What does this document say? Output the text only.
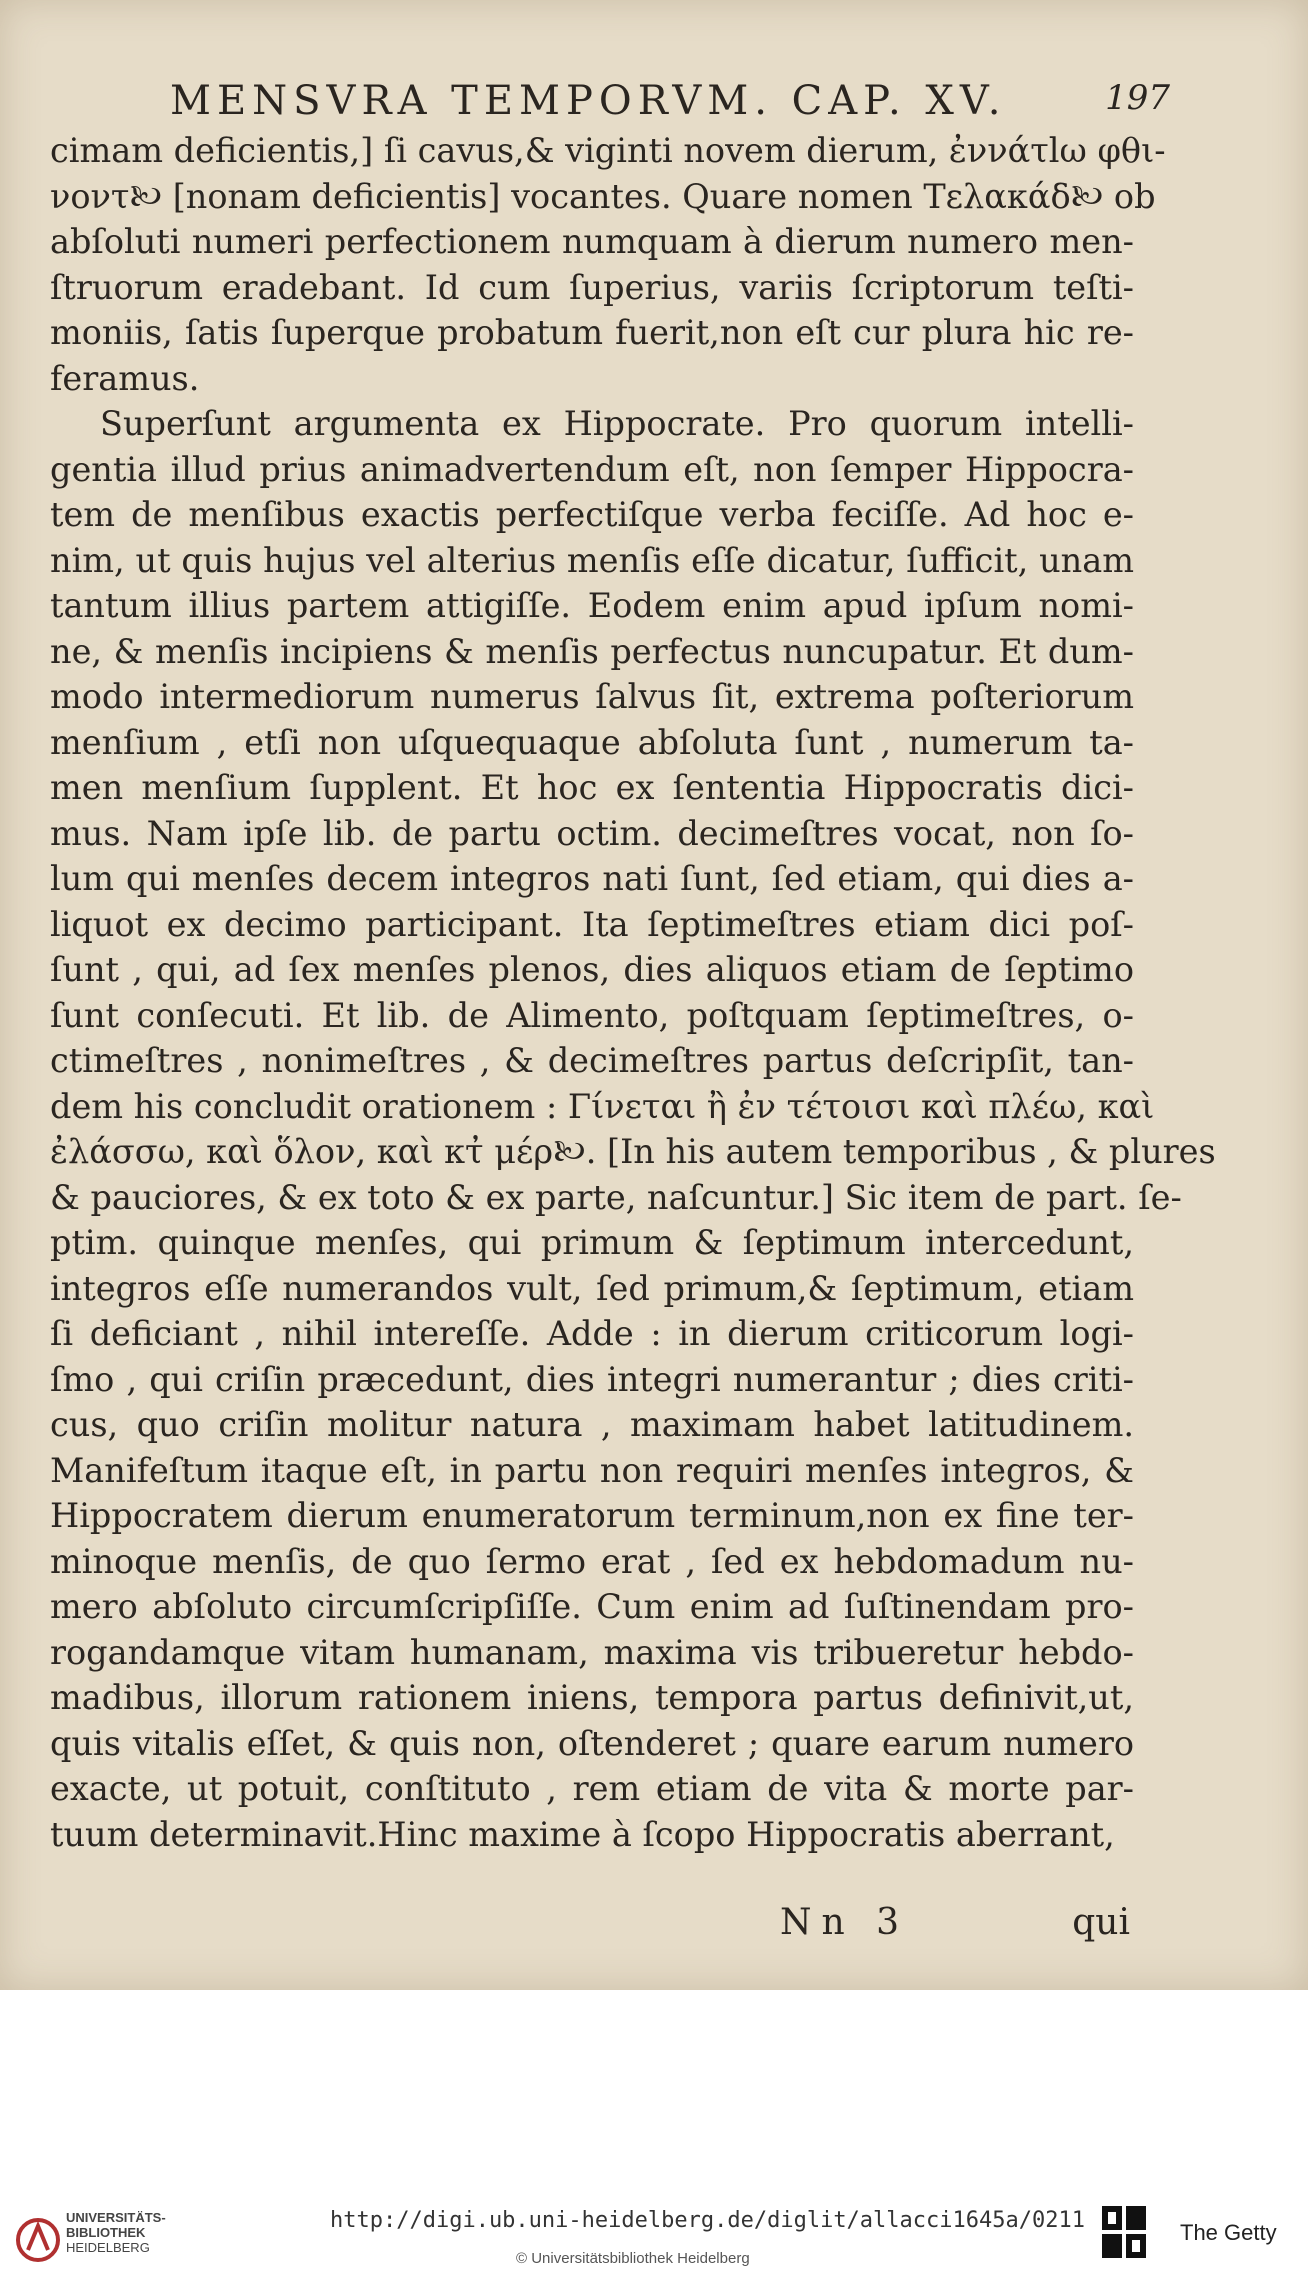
MENSVRA TEMPORVM. CAP. XV.	197
cimam deficientis,] ſi cavus,& viginti novem dierum, ἐννάτlω φθι-
νοντ🙠 [nonam deficientis] vocantes. Quare nomen Τελακάδ🙠 ob
abſoluti numeri perfectionem numquam à dierum numero men-
ſtruorum eradebant. Id cum ſuperius, variis ſcriptorum teſti-
moniis, ſatis ſuperque probatum fuerit,non eſt cur plura hic re-
feramus.
Superſunt argumenta ex Hippocrate. Pro quorum intelli-
gentia illud prius animadvertendum eſt, non ſemper Hippocra-
tem de menſibus exactis perfectiſque verba feciſſe. Ad hoc e-
nim, ut quis hujus vel alterius menſis eſſe dicatur, ſufficit, unam
tantum illius partem attigiſſe. Eodem enim apud ipſum nomi-
ne, & menſis incipiens & menſis perfectus nuncupatur. Et dum-
modo intermediorum numerus ſalvus ſit, extrema poſteriorum
menſium , etſi non uſquequaque abſoluta ſunt , numerum ta-
men menſium ſupplent. Et hoc ex ſententia Hippocratis dici-
mus. Nam ipſe lib. de partu octim. decimeſtres vocat, non ſo-
lum qui menſes decem integros nati ſunt, ſed etiam, qui dies a-
liquot ex decimo participant. Ita ſeptimeſtres etiam dici poſ-
ſunt , qui, ad ſex menſes plenos, dies aliquos etiam de ſeptimo
ſunt conſecuti. Et lib. de Alimento, poſtquam ſeptimeſtres, o-
ctimeſtres , nonimeſtres , & decimeſtres partus deſcripſit, tan-
dem his concludit orationem : Γίνεται ἢ ἐν τέτοισι καὶ πλέω, καὶ
ἐλάσσω, καὶ ὅλον, καὶ κτ̓ μέρ🙠. [In his autem temporibus , & plures
& pauciores, & ex toto & ex parte, naſcuntur.] Sic item de part. ſe-
ptim. quinque menſes, qui primum & ſeptimum intercedunt,
integros eſſe numerandos vult, ſed primum,& ſeptimum, etiam
ſi deficiant , nihil intereſſe. Adde : in dierum criticorum logi-
ſmo , qui criſin præcedunt, dies integri numerantur ; dies criti-
cus, quo criſin molitur natura , maximam habet latitudinem.
Manifeſtum itaque eſt, in partu non requiri menſes integros, &
Hippocratem dierum enumeratorum terminum,non ex fine ter-
minoque menſis, de quo ſermo erat , ſed ex hebdomadum nu-
mero abſoluto circumſcripſiſſe. Cum enim ad ſuſtinendam pro-
rogandamque vitam humanam, maxima vis tribueretur hebdo-
madibus, illorum rationem iniens, tempora partus definivit,ut,
quis vitalis eſſet, & quis non, oſtenderet ; quare earum numero
exacte, ut potuit, conſtituto , rem etiam de vita & morte par-
tuum determinavit.Hinc maxime à ſcopo Hippocratis aberrant,
Nn 3	qui
UNIVERSITÄTS-
BIBLIOTHEK
HEIDELBERG
http://digi.ub.uni-heidelberg.de/diglit/allacci1645a/0211
© Universitätsbibliothek Heidelberg
The Getty
